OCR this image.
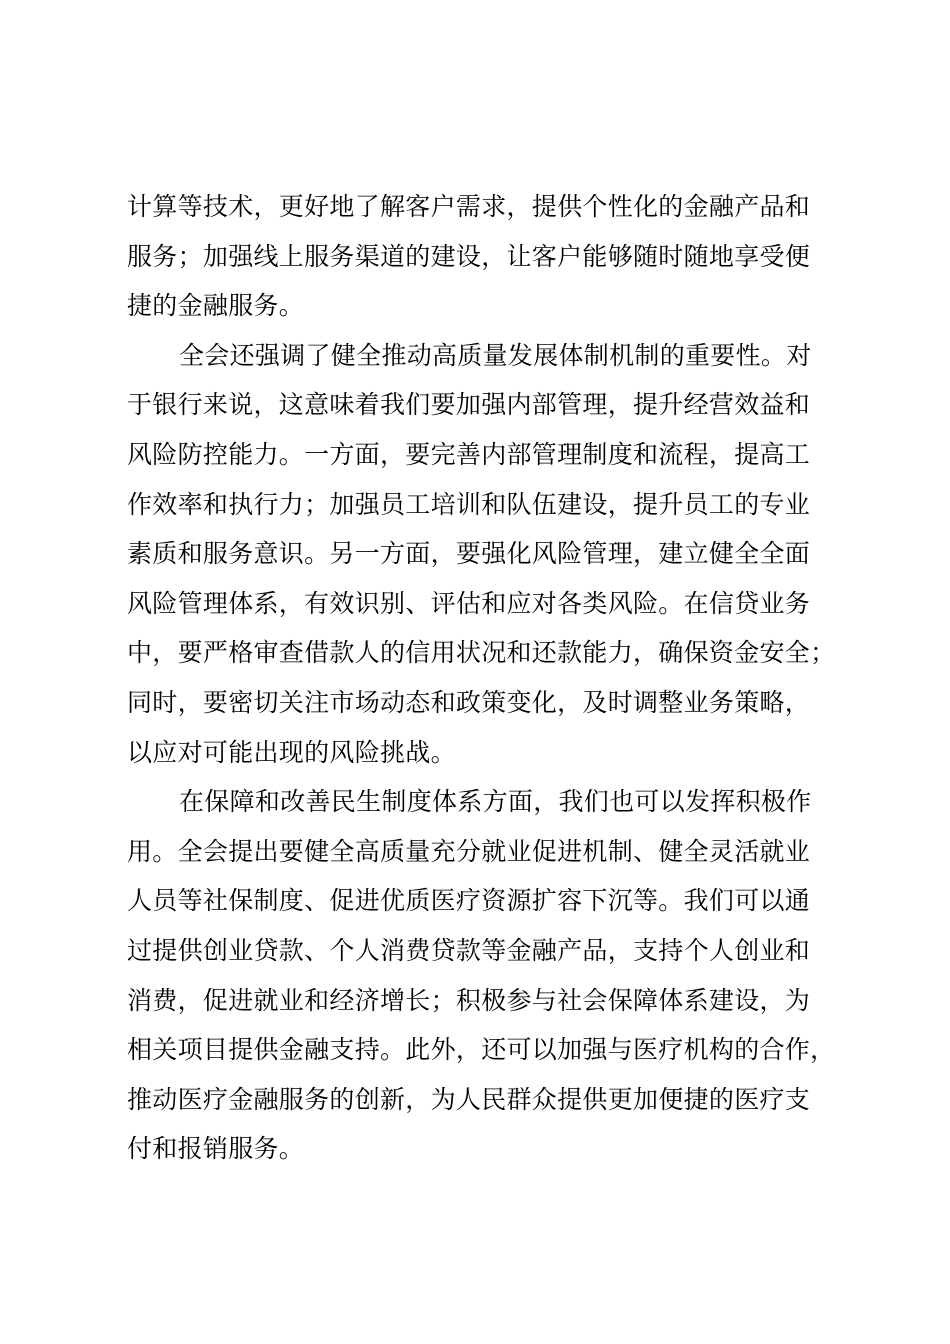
计算等技术，更好地了解客户需求，提供个性化的金融产品和
服务；加强线上服务渠道的建设，让客户能够随时随地享受便
捷的金融服务。
全会还强调了健全推动高质量发展体制机制的重要性。对
于银行来说，这意味着我们要加强内部管理，提升经营效益和
风险防控能力。一方面，要完善内部管理制度和流程，提高工
作效率和执行力；加强员工培训和队伍建设，提升员工的专业
素质和服务意识。另一方面，要强化风险管理，建立健全全面
风险管理体系，有效识别、评估和应对各类风险。在信贷业务
中，要严格审查借款人的信用状况和还款能力，确保资金安全；
同时，要密切关注市场动态和政策变化，及时调整业务策略，
以应对可能出现的风险挑战。
在保障和改善民生制度体系方面，我们也可以发挥积极作
用。全会提出要健全高质量充分就业促进机制、健全灵活就业
人员等社保制度、促进优质医疗资源扩容下沉等。我们可以通
过提供创业贷款、个人消费贷款等金融产品，支持个人创业和
消费，促进就业和经济增长；积极参与社会保障体系建设，为
相关项目提供金融支持。此外，还可以加强与医疗机构的合作，
推动医疗金融服务的创新，为人民群众提供更加便捷的医疗支
付和报销服务。
